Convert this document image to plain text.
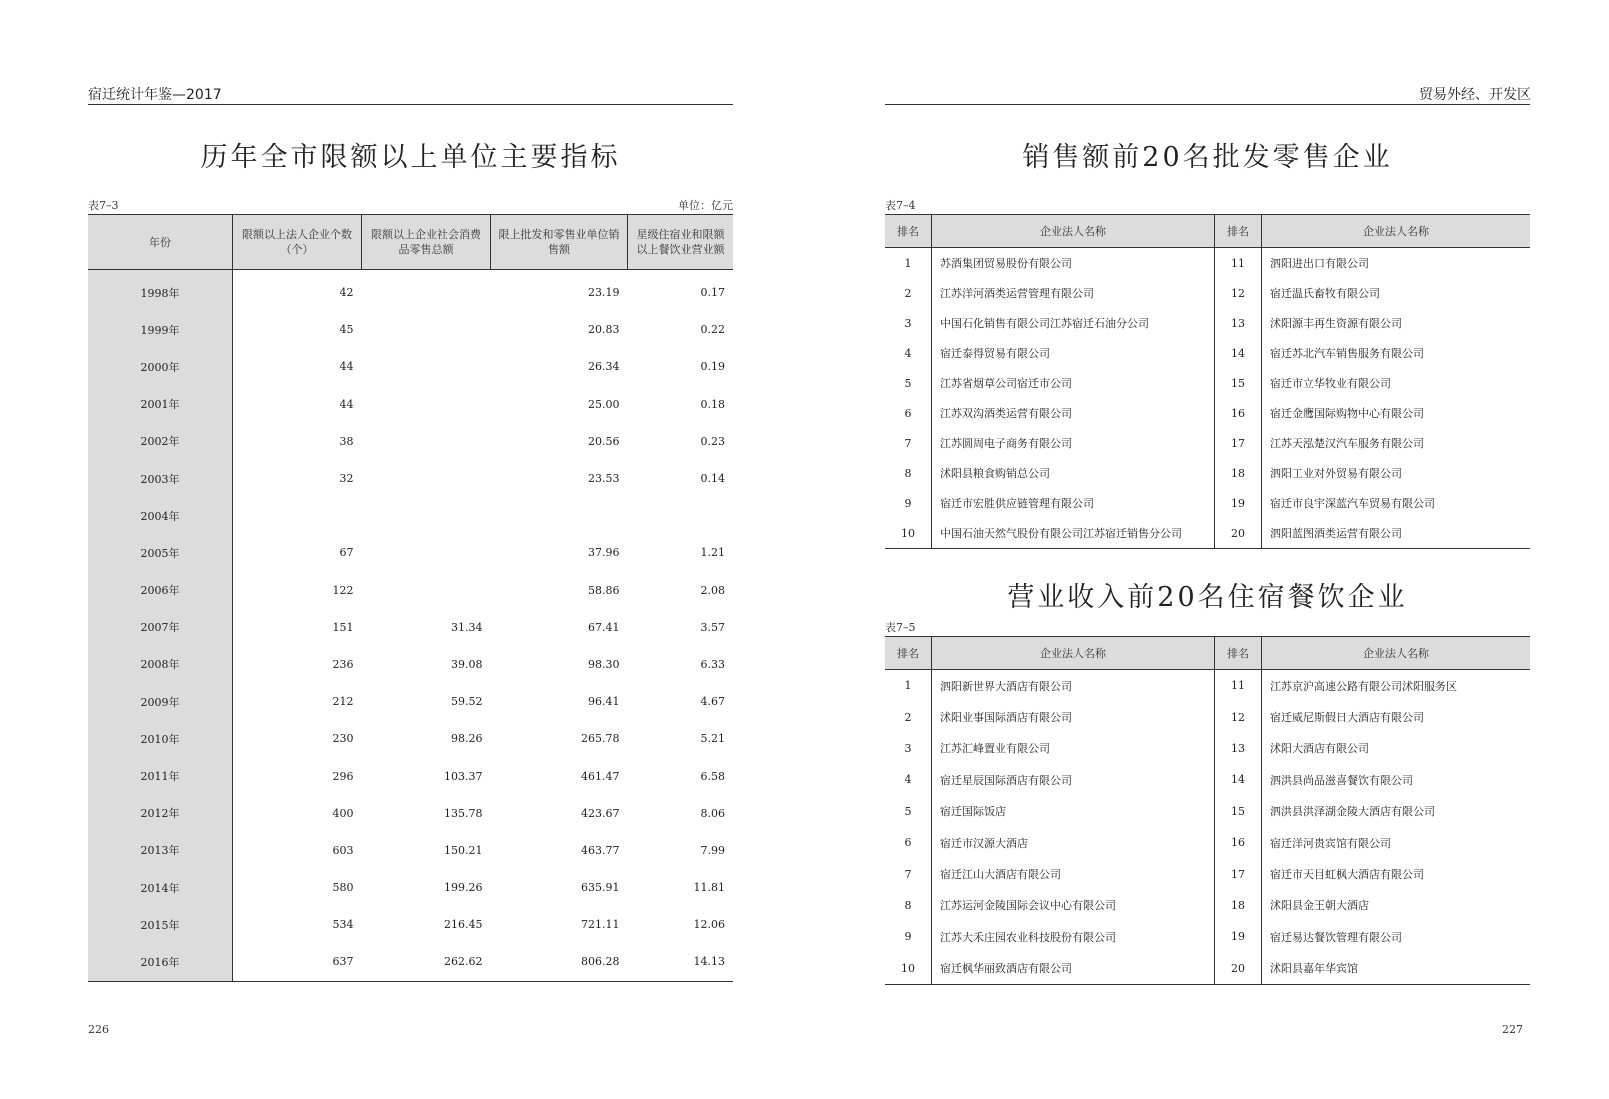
宿迁统计年鉴—2017	贸易外经、开发区
历年全市限额以上单位主要指标
表7–3	单位：亿元
年份	限额以上法人企业个数（个）	限额以上企业社会消费品零售总额	限上批发和零售业单位销售额	星级住宿业和限额以上餐饮业营业额
1998年	42		23.19	0.17
1999年	45		20.83	0.22
2000年	44		26.34	0.19
2001年	44		25.00	0.18
2002年	38		20.56	0.23
2003年	32		23.53	0.14
2004年				
2005年	67		37.96	1.21
2006年	122		58.86	2.08
2007年	151	31.34	67.41	3.57
2008年	236	39.08	98.30	6.33
2009年	212	59.52	96.41	4.67
2010年	230	98.26	265.78	5.21
2011年	296	103.37	461.47	6.58
2012年	400	135.78	423.67	8.06
2013年	603	150.21	463.77	7.99
2014年	580	199.26	635.91	11.81
2015年	534	216.45	721.11	12.06
2016年	637	262.62	806.28	14.13
226
销售额前20名批发零售企业
表7–4
排名	企业法人名称	排名	企业法人名称
1	苏酒集团贸易股份有限公司	11	泗阳进出口有限公司
2	江苏洋河酒类运营管理有限公司	12	宿迁温氏畜牧有限公司
3	中国石化销售有限公司江苏宿迁石油分公司	13	沭阳源丰再生资源有限公司
4	宿迁泰得贸易有限公司	14	宿迁苏北汽车销售服务有限公司
5	江苏省烟草公司宿迁市公司	15	宿迁市立华牧业有限公司
6	江苏双沟酒类运营有限公司	16	宿迁金鹰国际购物中心有限公司
7	江苏圆周电子商务有限公司	17	江苏天泓楚汉汽车服务有限公司
8	沭阳县粮食购销总公司	18	泗阳工业对外贸易有限公司
9	宿迁市宏胜供应链管理有限公司	19	宿迁市良宇深蓝汽车贸易有限公司
10	中国石油天然气股份有限公司江苏宿迁销售分公司	20	泗阳蓝图酒类运营有限公司
营业收入前20名住宿餐饮企业
表7–5
排名	企业法人名称	排名	企业法人名称
1	泗阳新世界大酒店有限公司	11	江苏京沪高速公路有限公司沭阳服务区
2	沭阳业事国际酒店有限公司	12	宿迁威尼斯假日大酒店有限公司
3	江苏汇峰置业有限公司	13	沭阳大酒店有限公司
4	宿迁星辰国际酒店有限公司	14	泗洪县尚品滋喜餐饮有限公司
5	宿迁国际饭店	15	泗洪县洪泽湖金陵大酒店有限公司
6	宿迁市汉源大酒店	16	宿迁洋河贵宾馆有限公司
7	宿迁江山大酒店有限公司	17	宿迁市天目虹枫大酒店有限公司
8	江苏运河金陵国际会议中心有限公司	18	沭阳县金王朝大酒店
9	江苏大禾庄园农业科技股份有限公司	19	宿迁易达餐饮管理有限公司
10	宿迁枫华丽致酒店有限公司	20	沭阳县嘉年华宾馆
227
